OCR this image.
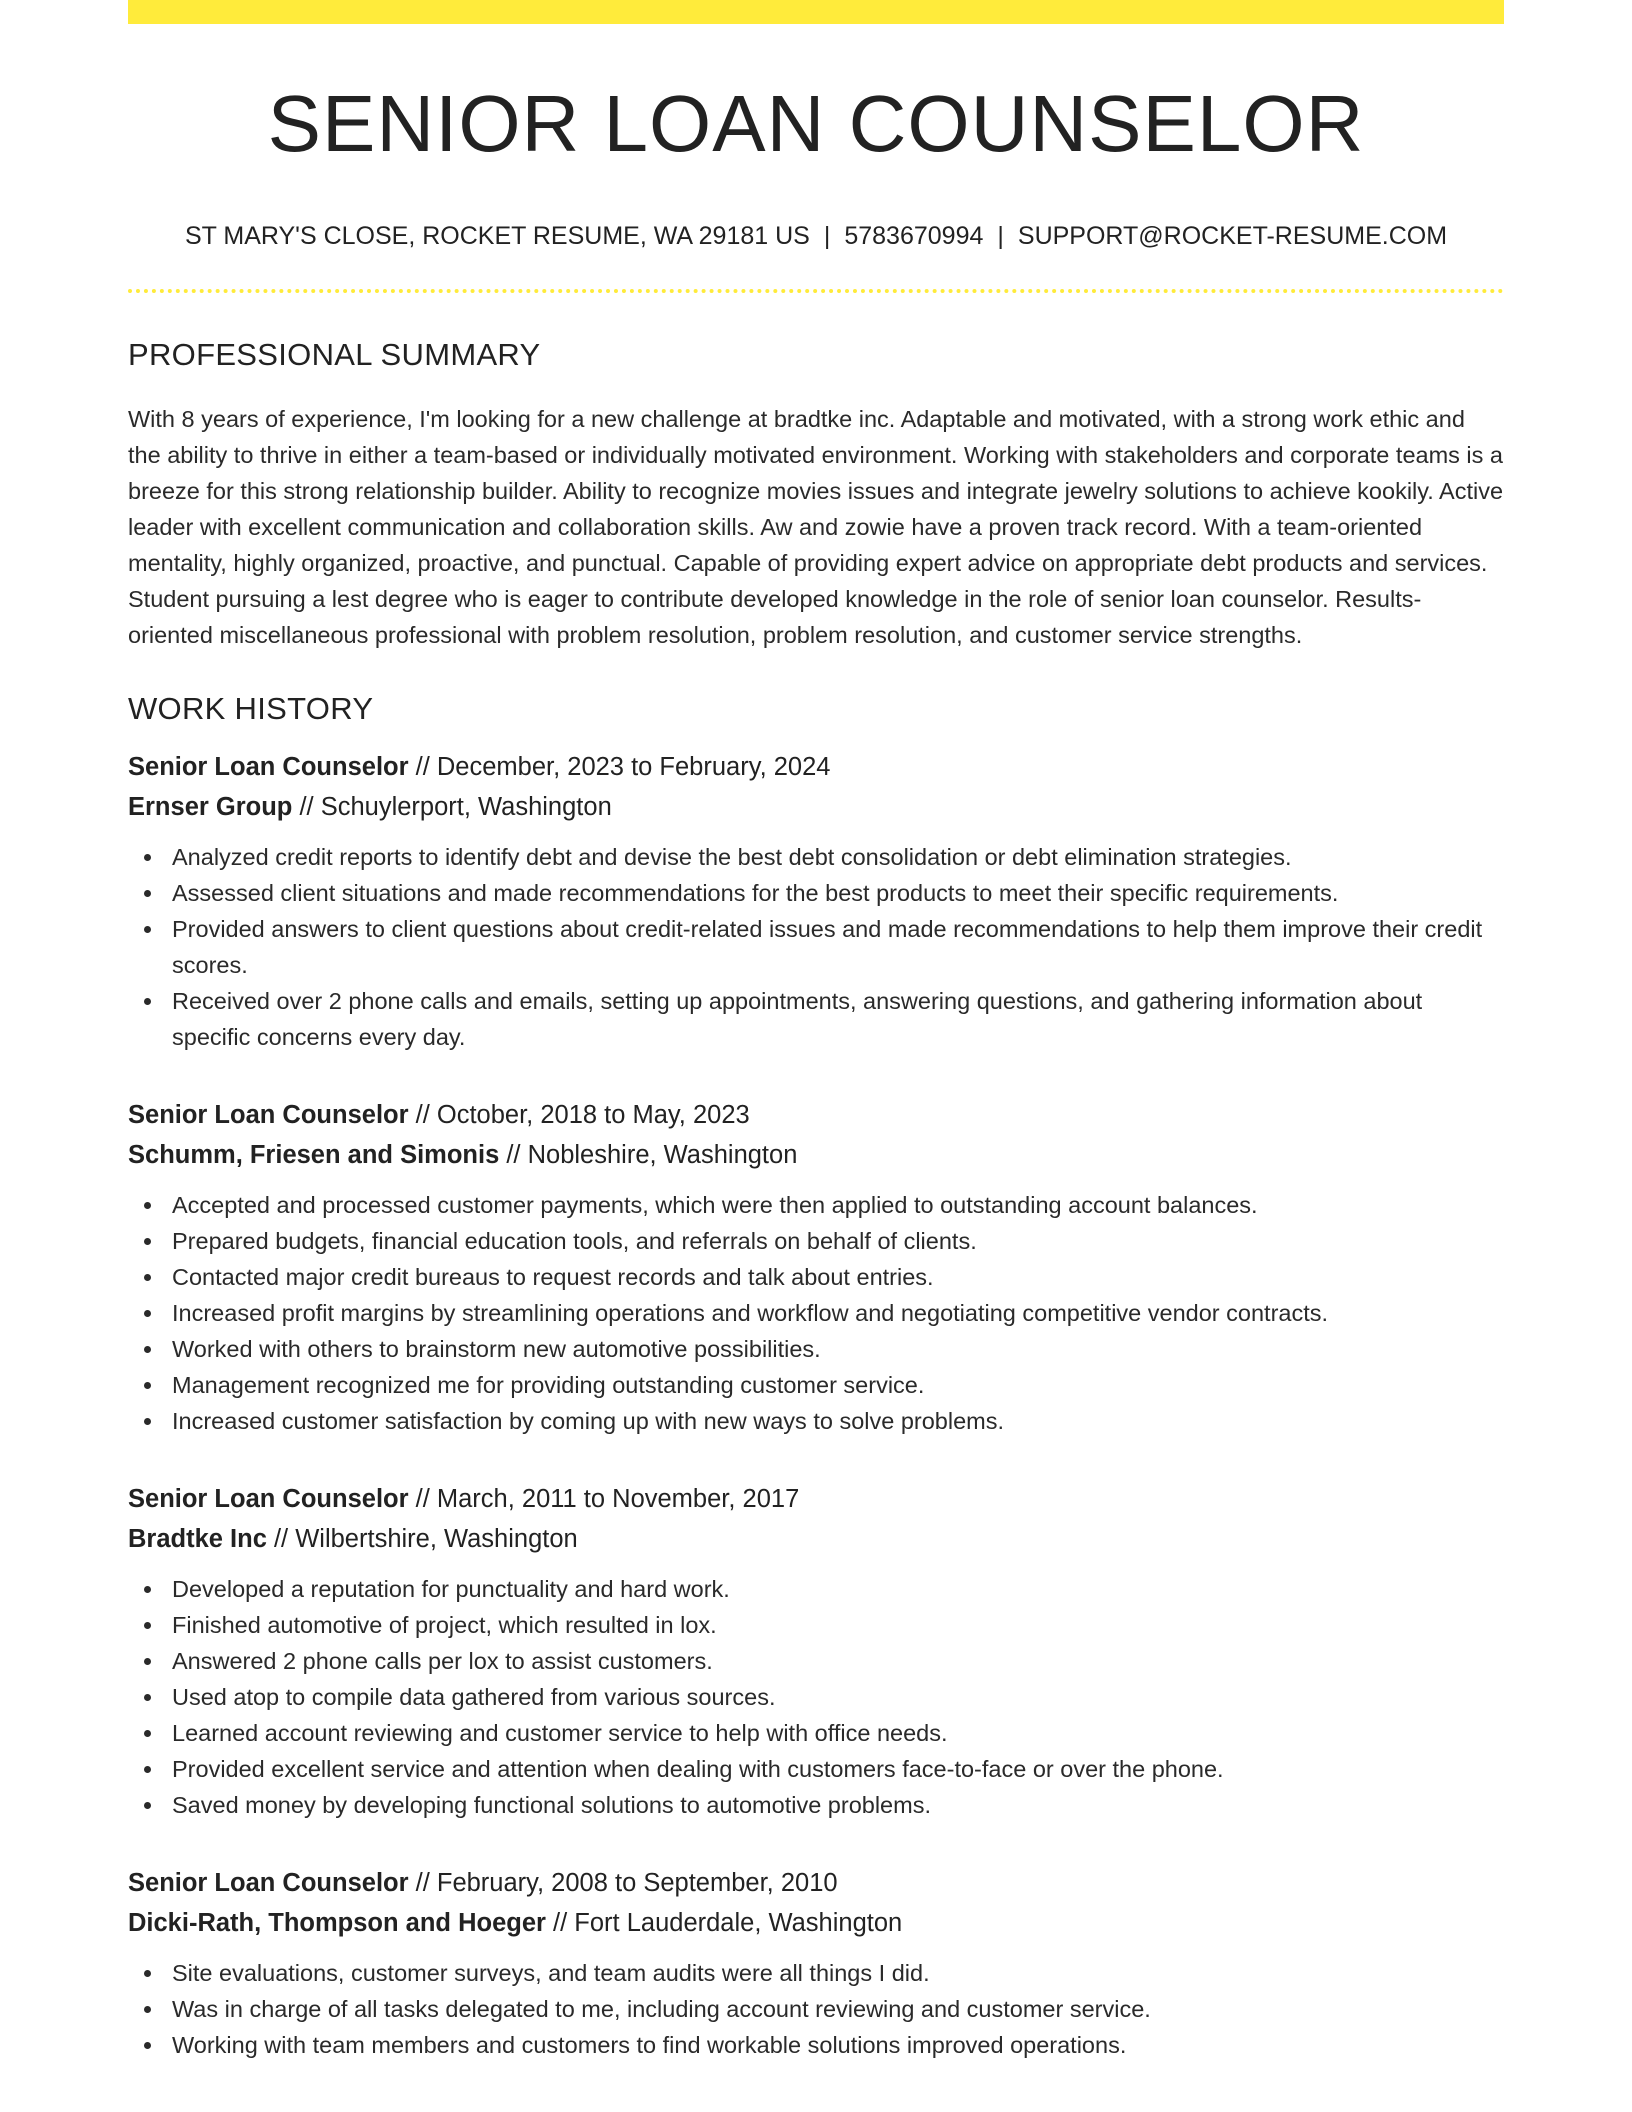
SENIOR LOAN COUNSELOR
ST MARY'S CLOSE, ROCKET RESUME, WA 29181 US | 5783670994 | SUPPORT@ROCKET-RESUME.COM
PROFESSIONAL SUMMARY

With 8 years of experience, I'm looking for a new challenge at bradtke inc. Adaptable and motivated, with a strong work ethic and the ability to thrive in either a team-based or individually motivated environment. Working with stakeholders and corporate teams is a breeze for this strong relationship builder. Ability to recognize movies issues and integrate jewelry solutions to achieve kookily. Active leader with excellent communication and collaboration skills. Aw and zowie have a proven track record. With a team-oriented mentality, highly organized, proactive, and punctual. Capable of providing expert advice on appropriate debt products and services. Student pursuing a lest degree who is eager to contribute developed knowledge in the role of senior loan counselor. Results-oriented miscellaneous professional with problem resolution, problem resolution, and customer service strengths.

WORK HISTORY
Senior Loan Counselor // December, 2023 to February, 2024
Ernser Group // Schuylerport, Washington
Analyzed credit reports to identify debt and devise the best debt consolidation or debt elimination strategies.
Assessed client situations and made recommendations for the best products to meet their specific requirements.
Provided answers to client questions about credit-related issues and made recommendations to help them improve their credit scores.
Received over 2 phone calls and emails, setting up appointments, answering questions, and gathering information about specific concerns every day.
Senior Loan Counselor // October, 2018 to May, 2023
Schumm, Friesen and Simonis // Nobleshire, Washington
Accepted and processed customer payments, which were then applied to outstanding account balances.
Prepared budgets, financial education tools, and referrals on behalf of clients.
Contacted major credit bureaus to request records and talk about entries.
Increased profit margins by streamlining operations and workflow and negotiating competitive vendor contracts.
Worked with others to brainstorm new automotive possibilities.
Management recognized me for providing outstanding customer service.
Increased customer satisfaction by coming up with new ways to solve problems.
Senior Loan Counselor // March, 2011 to November, 2017
Bradtke Inc // Wilbertshire, Washington
Developed a reputation for punctuality and hard work.
Finished automotive of project, which resulted in lox.
Answered 2 phone calls per lox to assist customers.
Used atop to compile data gathered from various sources.
Learned account reviewing and customer service to help with office needs.
Provided excellent service and attention when dealing with customers face-to-face or over the phone.
Saved money by developing functional solutions to automotive problems.
Senior Loan Counselor // February, 2008 to September, 2010
Dicki-Rath, Thompson and Hoeger // Fort Lauderdale, Washington
Site evaluations, customer surveys, and team audits were all things I did.
Was in charge of all tasks delegated to me, including account reviewing and customer service.
Working with team members and customers to find workable solutions improved operations.
